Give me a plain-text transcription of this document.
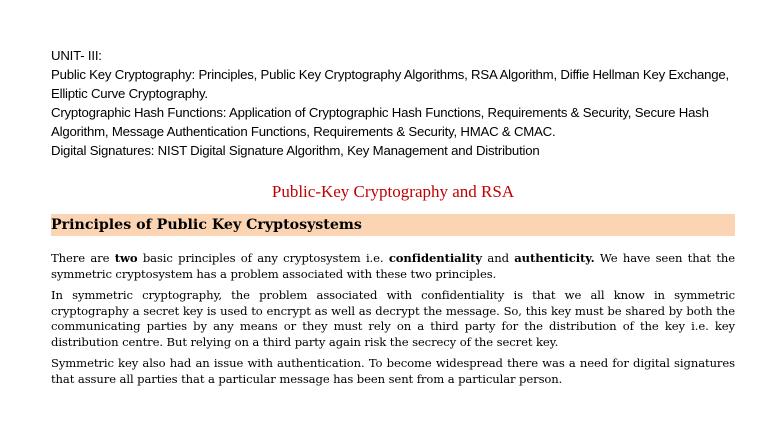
UNIT- III:

Public Key Cryptography: Principles, Public Key Cryptography Algorithms, RSA Algorithm, Diffie Hellman Key Exchange, Elliptic Curve Cryptography.

Cryptographic Hash Functions: Application of Cryptographic Hash Functions, Requirements & Security, Secure Hash Algorithm, Message Authentication Functions, Requirements & Security, HMAC & CMAC.

Digital Signatures: NIST Digital Signature Algorithm, Key Management and Distribution

Public-Key Cryptography and RSA
Principles of Public Key Cryptosystems

There are two basic principles of any cryptosystem i.e. confidentiality and authenticity. We have seen that the symmetric cryptosystem has a problem associated with these two principles.

In symmetric cryptography, the problem associated with confidentiality is that we all know in symmetric cryptography a secret key is used to encrypt as well as decrypt the message. So, this key must be shared by both the communicating parties by any means or they must rely on a third party for the distribution of the key i.e. key distribution centre. But relying on a third party again risk the secrecy of the secret key.

Symmetric key also had an issue with authentication. To become widespread there was a need for digital signatures that assure all parties that a particular message has been sent from a particular person.
